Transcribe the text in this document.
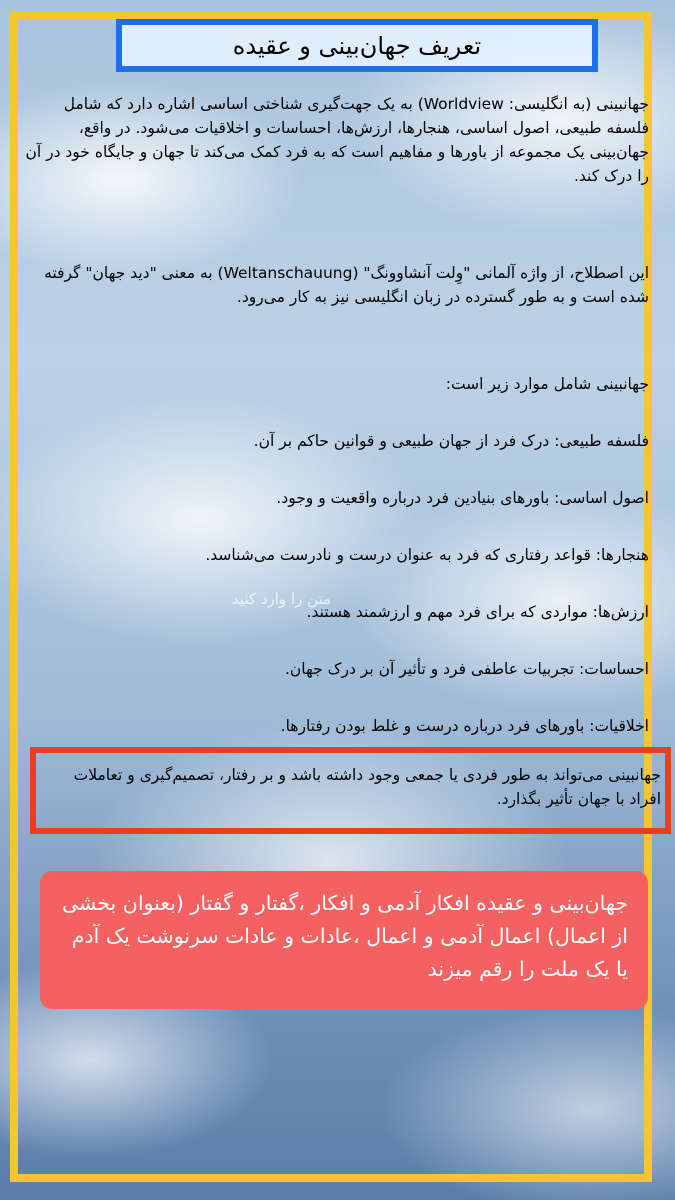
تعریف جهان‌بینی و عقیده

جهانبینی (به انگلیسی: Worldview) به یک جهت‌گیری شناختی اساسی اشاره دارد که شامل فلسفه طبیعی، اصول اساسی، هنجارها، ارزش‌ها، احساسات و اخلاقیات می‌شود. در واقع، جهان‌بینی یک مجموعه از باورها و مفاهیم است که به فرد کمک می‌کند تا جهان و جایگاه خود در آن را درک کند.

این اصطلاح، از واژه آلمانی "وِلت آنشاوونگ" (Weltanschauung) به معنی "دید جهان" گرفته شده است و به طور گسترده در زبان انگلیسی نیز به کار می‌رود.

جهانبینی شامل موارد زیر است:

فلسفه طبیعی: درک فرد از جهان طبیعی و قوانین حاکم بر آن.

اصول اساسی: باورهای بنیادین فرد درباره واقعیت و وجود.

هنجارها: قواعد رفتاری که فرد به عنوان درست و نادرست می‌شناسد.

ارزش‌ها: مواردی که برای فرد مهم و ارزشمند هستند.

احساسات: تجربیات عاطفی فرد و تأثیر آن بر درک جهان.

اخلاقیات: باورهای فرد درباره درست و غلط بودن رفتارها.

متن را وارد کنید

جهانبینی می‌تواند به طور فردی یا جمعی وجود داشته باشد و بر رفتار، تصمیم‌گیری و تعاملات افراد با جهان تأثیر بگذارد.

جهان‌بینی و عقیده افکار آدمی و افکار ،گفتار و گفتار (بعنوان بخشی از اعمال) اعمال آدمی و اعمال ،عادات و عادات سرنوشت یک آدم یا یک ملت را رقم میزند
